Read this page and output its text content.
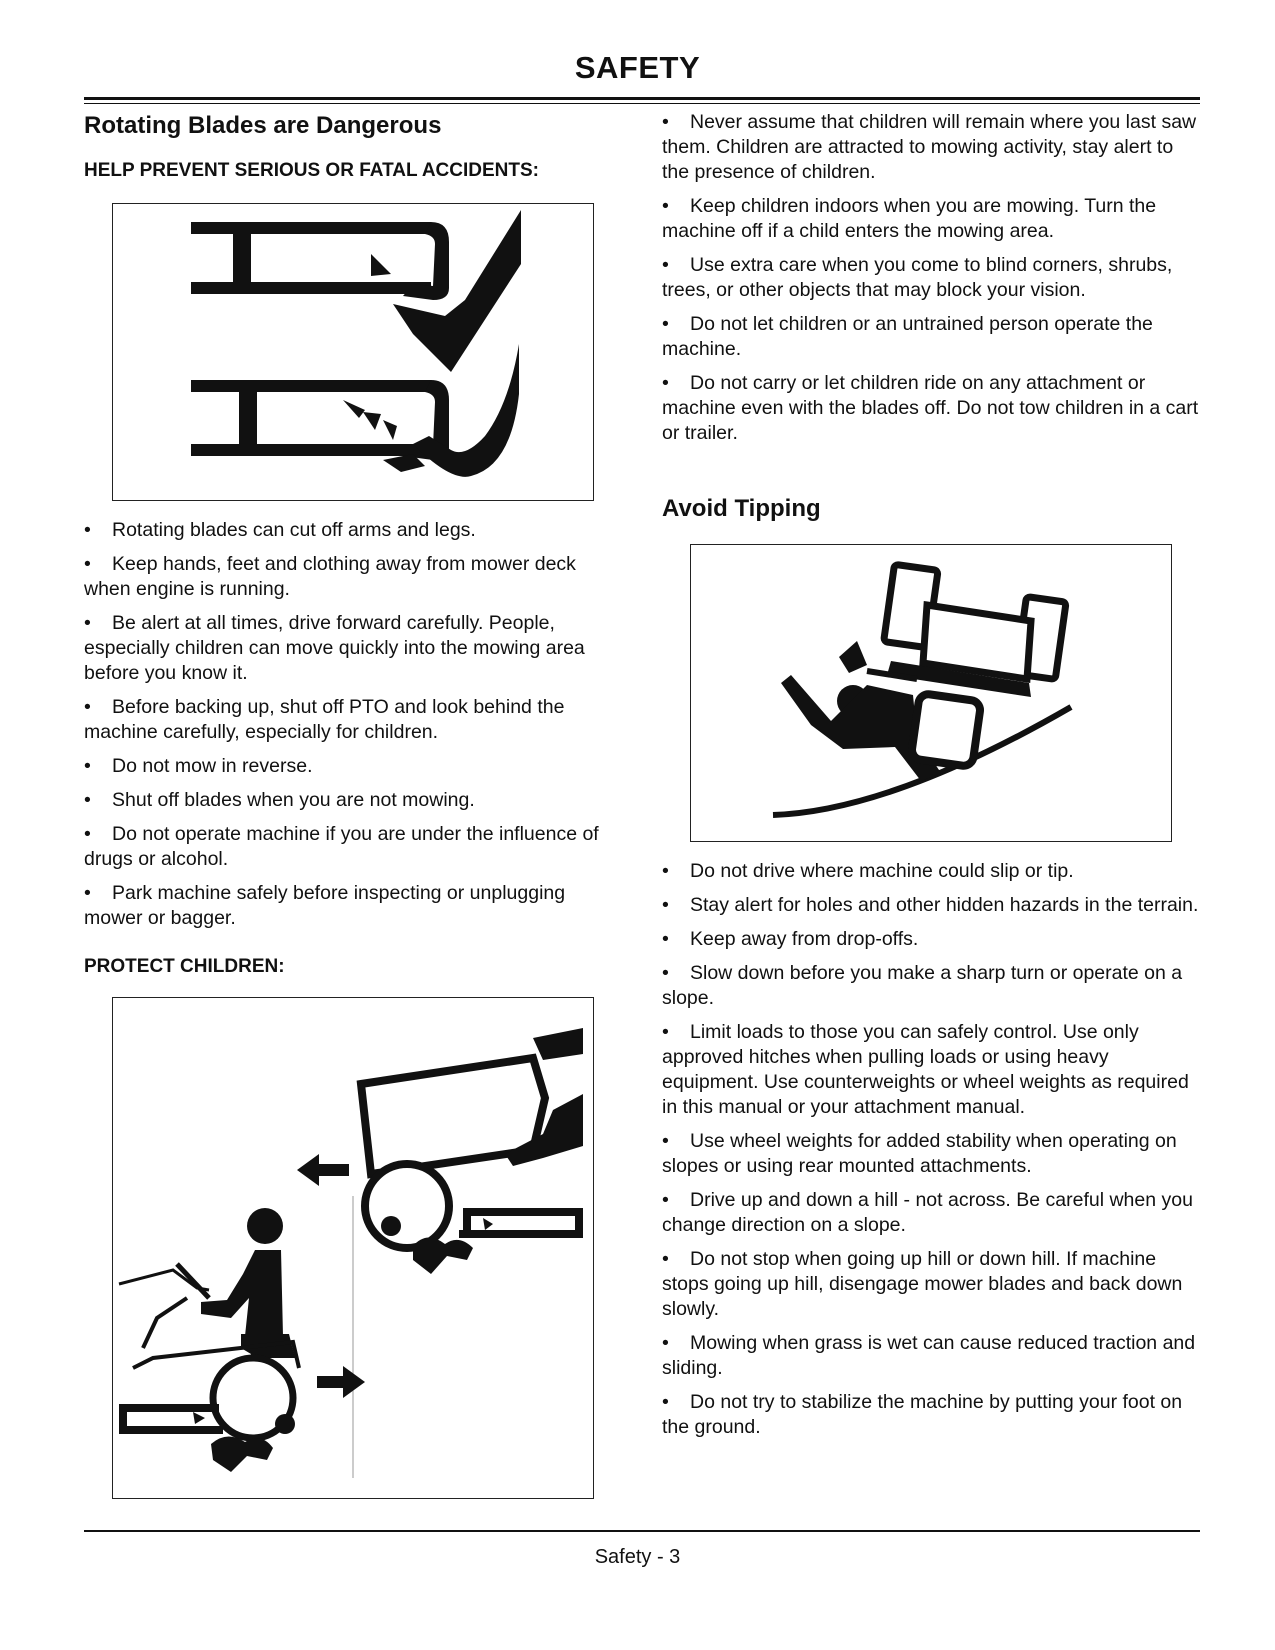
SAFETY
Rotating Blades are Dangerous
HELP PREVENT SERIOUS OR FATAL ACCIDENTS:
• Rotating blades can cut off arms and legs.
• Keep hands, feet and clothing away from mower deck when engine is running.
• Be alert at all times, drive forward carefully. People, especially children can move quickly into the mowing area before you know it.
• Before backing up, shut off PTO and look behind the machine carefully, especially for children.
• Do not mow in reverse.
• Shut off blades when you are not mowing.
• Do not operate machine if you are under the influence of drugs or alcohol.
• Park machine safely before inspecting or unplugging mower or bagger.
PROTECT CHILDREN:
• Never assume that children will remain where you last saw them. Children are attracted to mowing activity, stay alert to the presence of children.
• Keep children indoors when you are mowing. Turn the machine off if a child enters the mowing area.
• Use extra care when you come to blind corners, shrubs, trees, or other objects that may block your vision.
• Do not let children or an untrained person operate the machine.
• Do not carry or let children ride on any attachment or machine even with the blades off. Do not tow children in a cart or trailer.
Avoid Tipping
• Do not drive where machine could slip or tip.
• Stay alert for holes and other hidden hazards in the terrain.
• Keep away from drop-offs.
• Slow down before you make a sharp turn or operate on a slope.
• Limit loads to those you can safely control. Use only approved hitches when pulling loads or using heavy equipment. Use counterweights or wheel weights as required in this manual or your attachment manual.
• Use wheel weights for added stability when operating on slopes or using rear mounted attachments.
• Drive up and down a hill - not across. Be careful when you change direction on a slope.
• Do not stop when going up hill or down hill. If machine stops going up hill, disengage mower blades and back down slowly.
• Mowing when grass is wet can cause reduced traction and sliding.
• Do not try to stabilize the machine by putting your foot on the ground.
Safety - 3
